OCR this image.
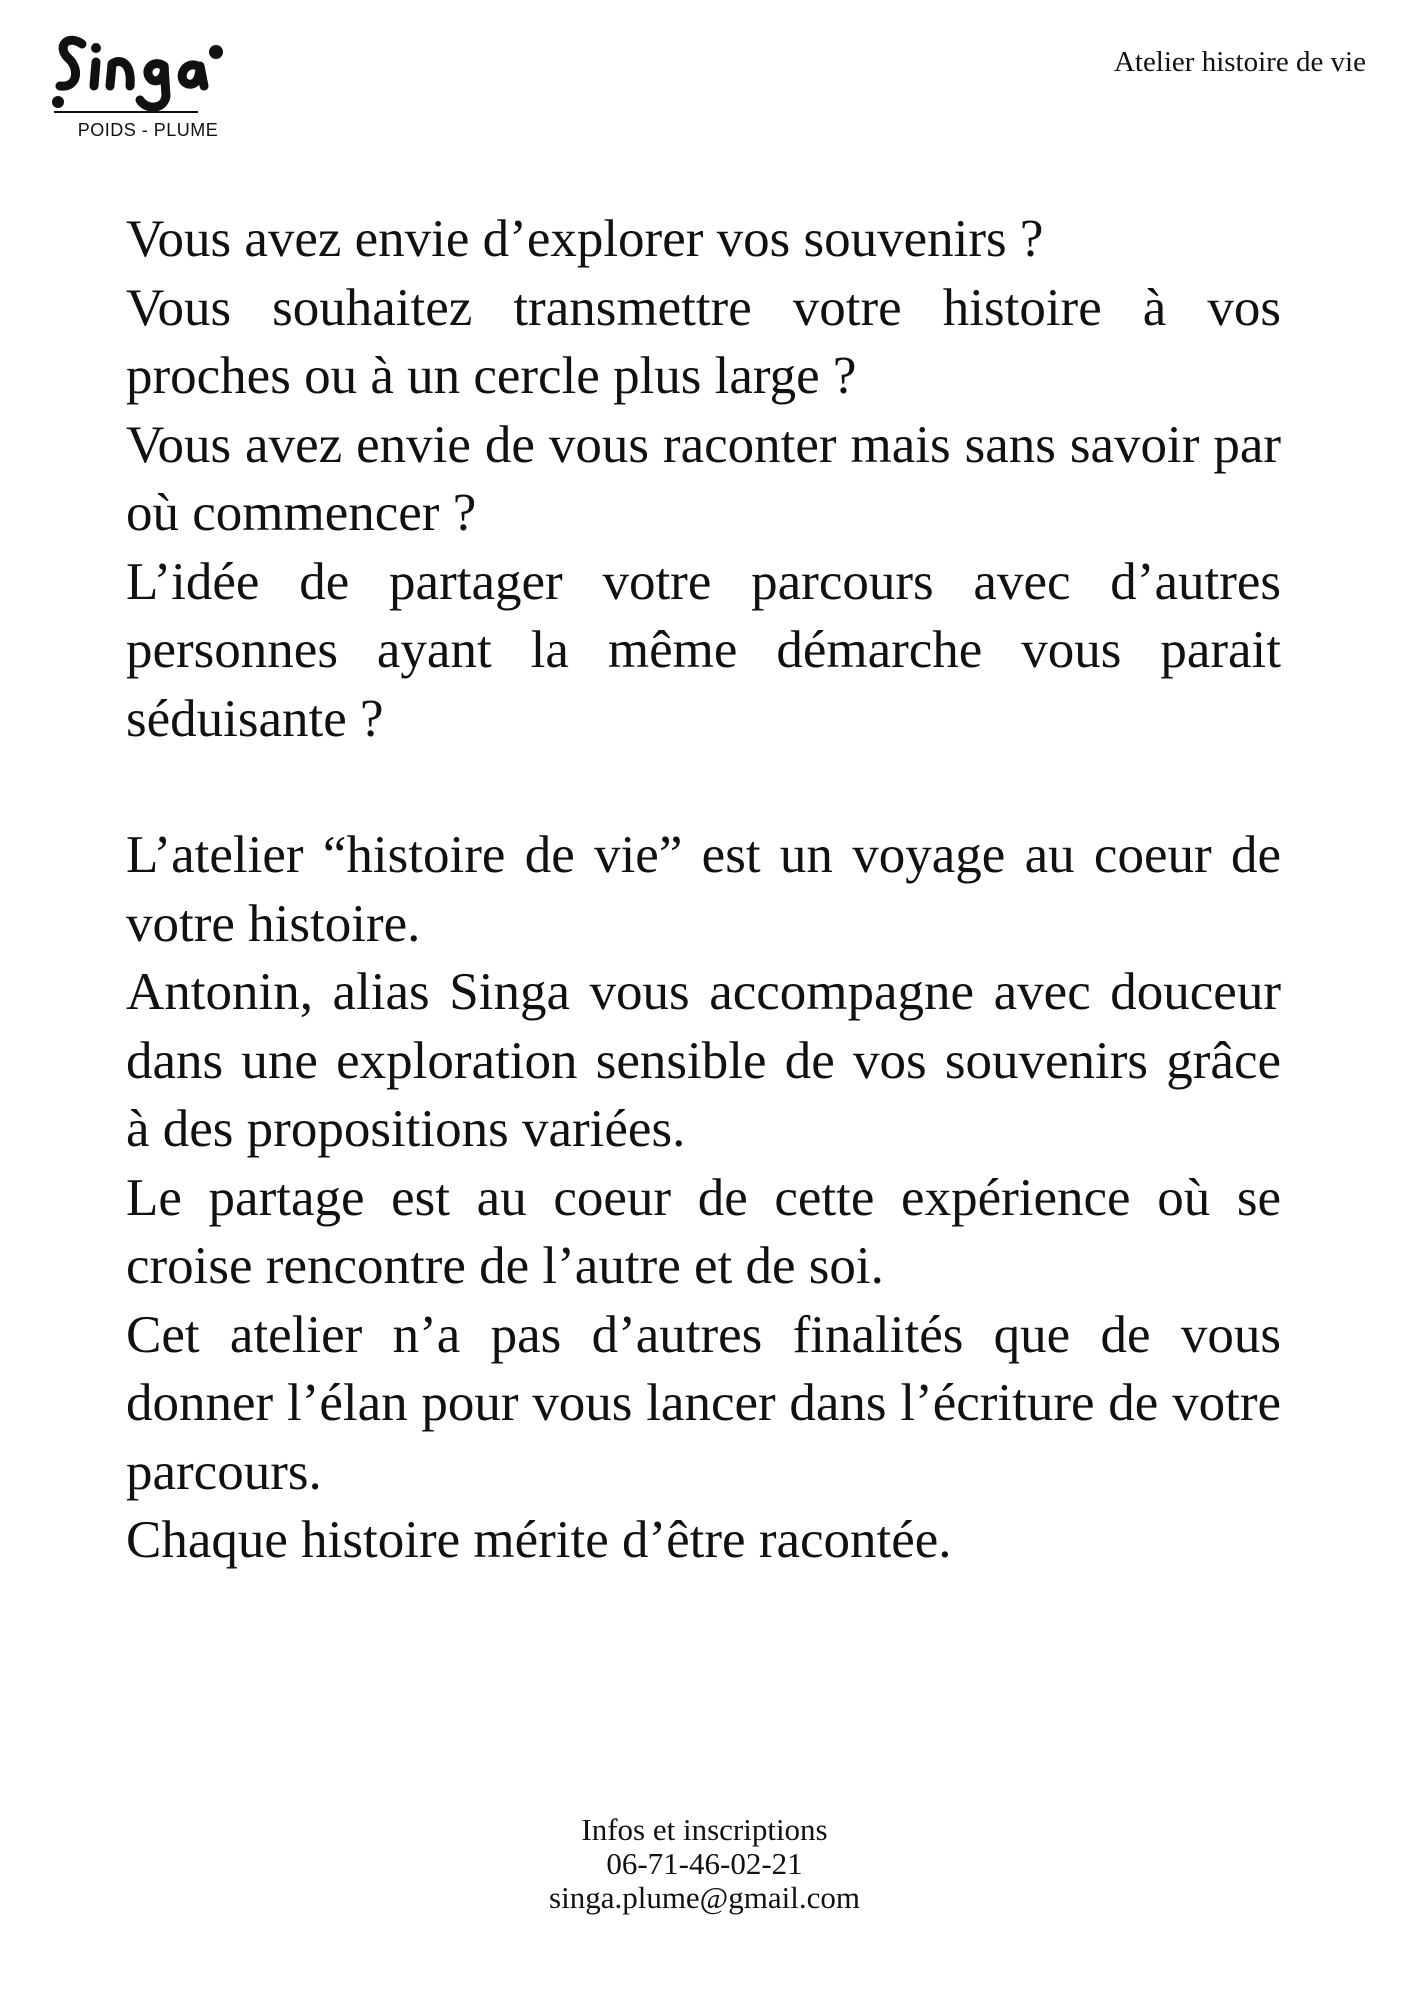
POIDS - PLUME
Atelier histoire de vie

Vous avez envie d’explorer vos souvenirs ?
Vous souhaitez transmettre votre histoire à vos proches ou à un cercle plus large ?
Vous avez envie de vous raconter mais sans savoir par où commencer ?
L’idée de partager votre parcours avec d’autres personnes ayant la même démarche vous parait séduisante ?

L’atelier “histoire de vie” est un voyage au coeur de votre histoire.
Antonin, alias Singa vous accompagne avec douceur dans une exploration sensible de vos souvenirs grâce à des propositions variées.
Le partage est au coeur de cette expérience où se croise rencontre de l’autre et de soi.
Cet atelier n’a pas d’autres finalités que de vous donner l’élan pour vous lancer dans l’écriture de votre parcours.
Chaque histoire mérite d’être racontée.

Infos et inscriptions
06-71-46-02-21
singa.plume@gmail.com
